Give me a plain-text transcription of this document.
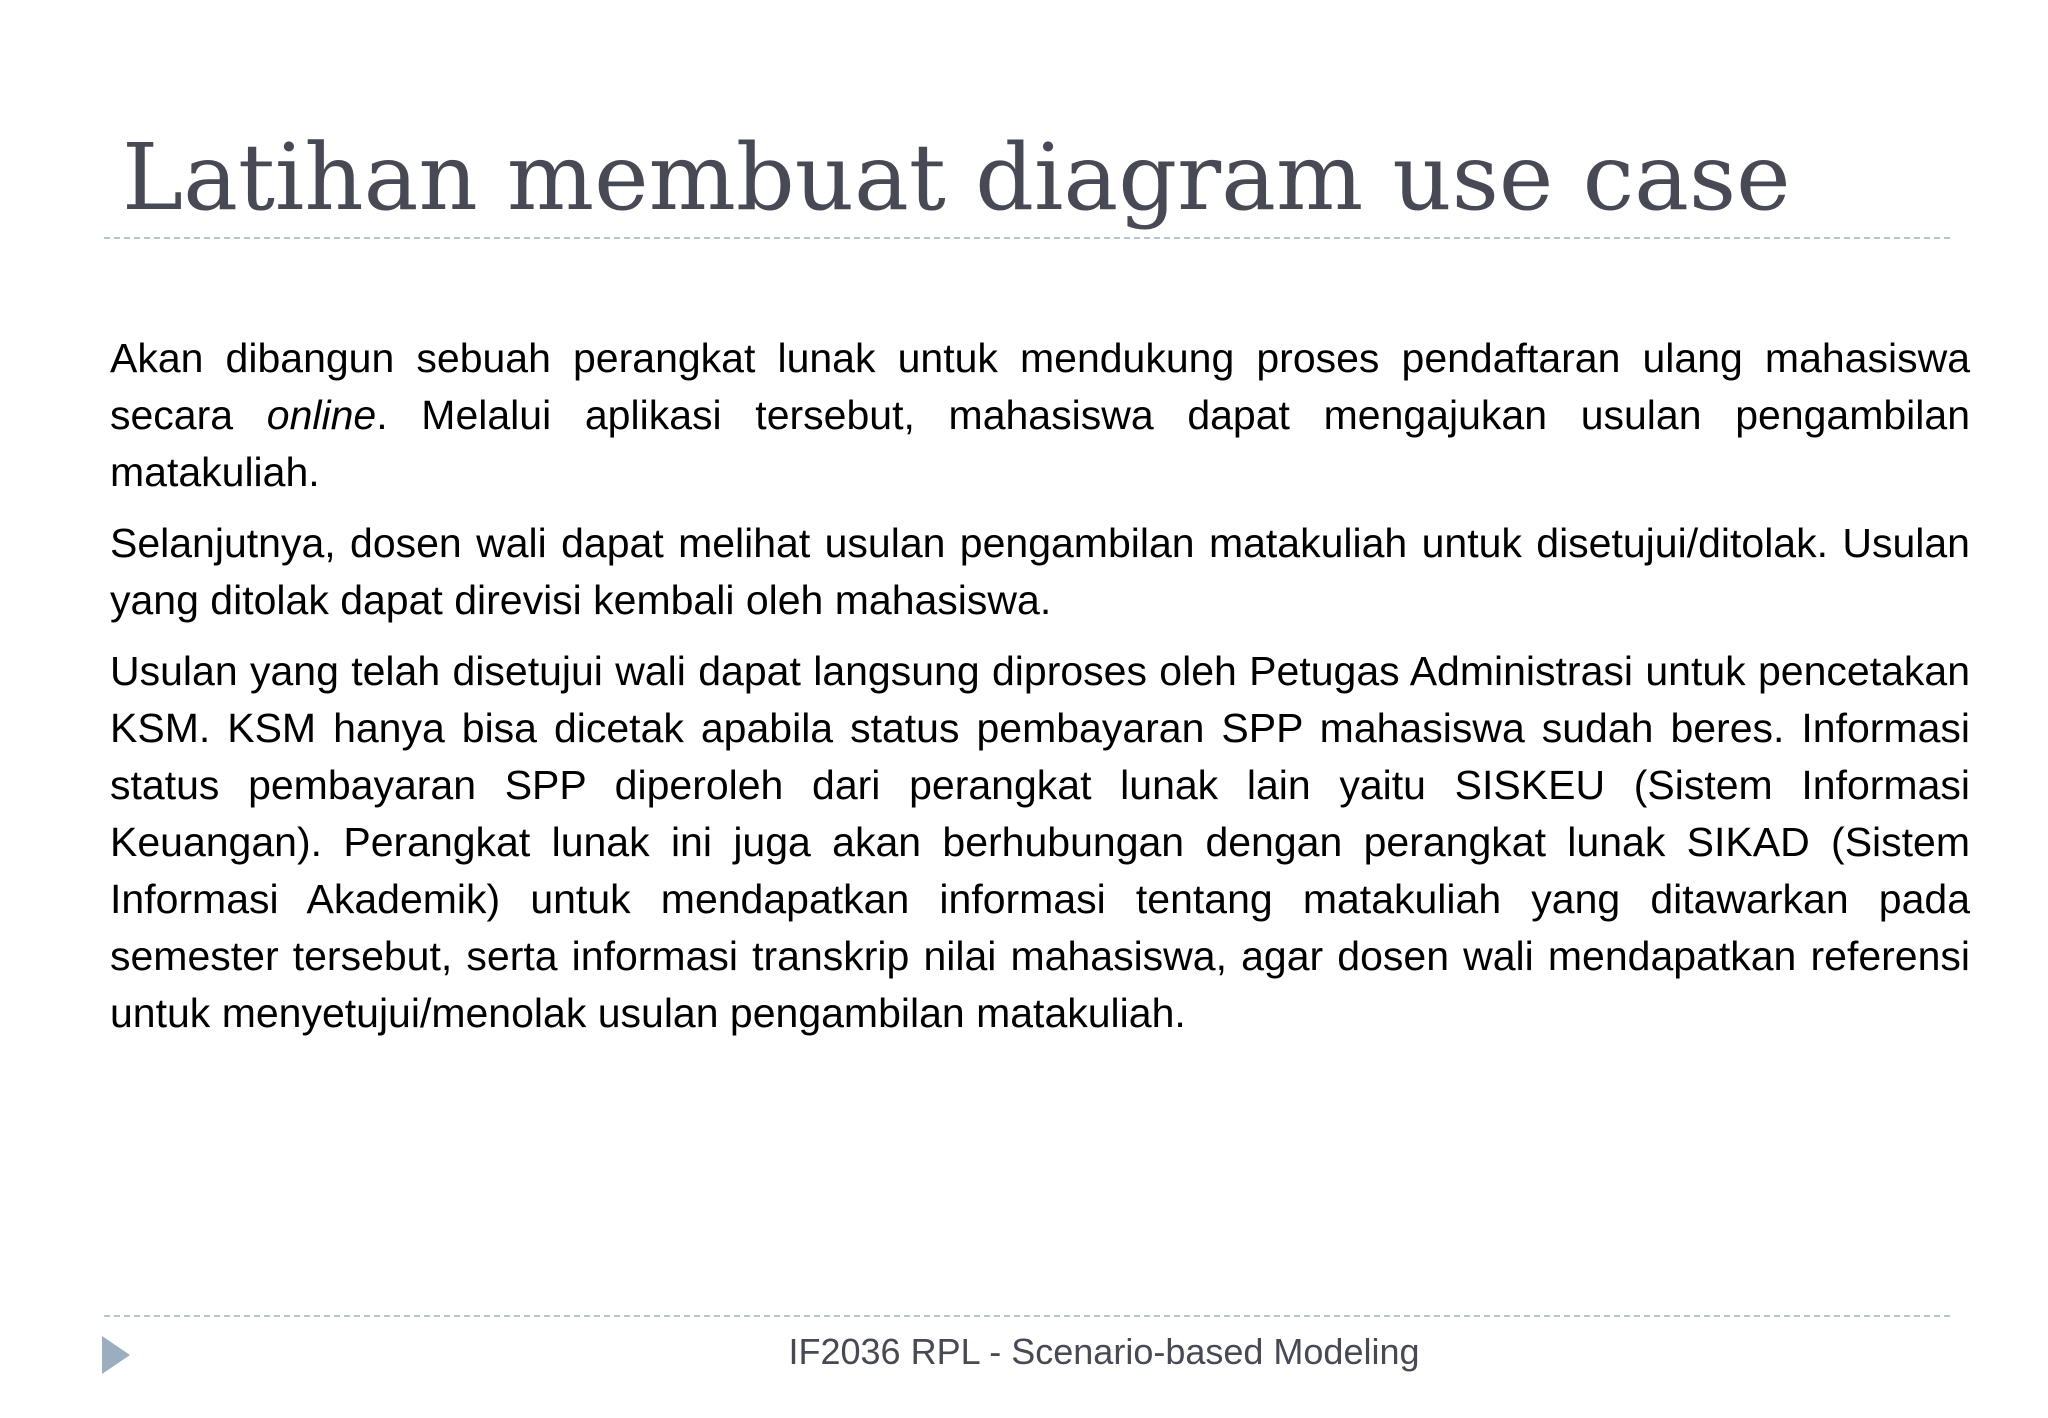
Latihan membuat diagram use case

Akan dibangun sebuah perangkat lunak untuk mendukung proses pendaftaran ulang mahasiswa secara online. Melalui aplikasi tersebut, mahasiswa dapat mengajukan usulan pengambilan matakuliah.

Selanjutnya, dosen wali dapat melihat usulan pengambilan matakuliah untuk disetujui/ditolak. Usulan yang ditolak dapat direvisi kembali oleh mahasiswa.

Usulan yang telah disetujui wali dapat langsung diproses oleh Petugas Administrasi untuk pencetakan KSM. KSM hanya bisa dicetak apabila status pembayaran SPP mahasiswa sudah beres. Informasi status pembayaran SPP diperoleh dari perangkat lunak lain yaitu SISKEU (Sistem Informasi Keuangan). Perangkat lunak ini juga akan berhubungan dengan perangkat lunak SIKAD (Sistem Informasi Akademik) untuk mendapatkan informasi tentang matakuliah yang ditawarkan pada semester tersebut, serta informasi transkrip nilai mahasiswa, agar dosen wali mendapatkan referensi untuk menyetujui/menolak usulan pengambilan matakuliah.

IF2036 RPL - Scenario-based Modeling
